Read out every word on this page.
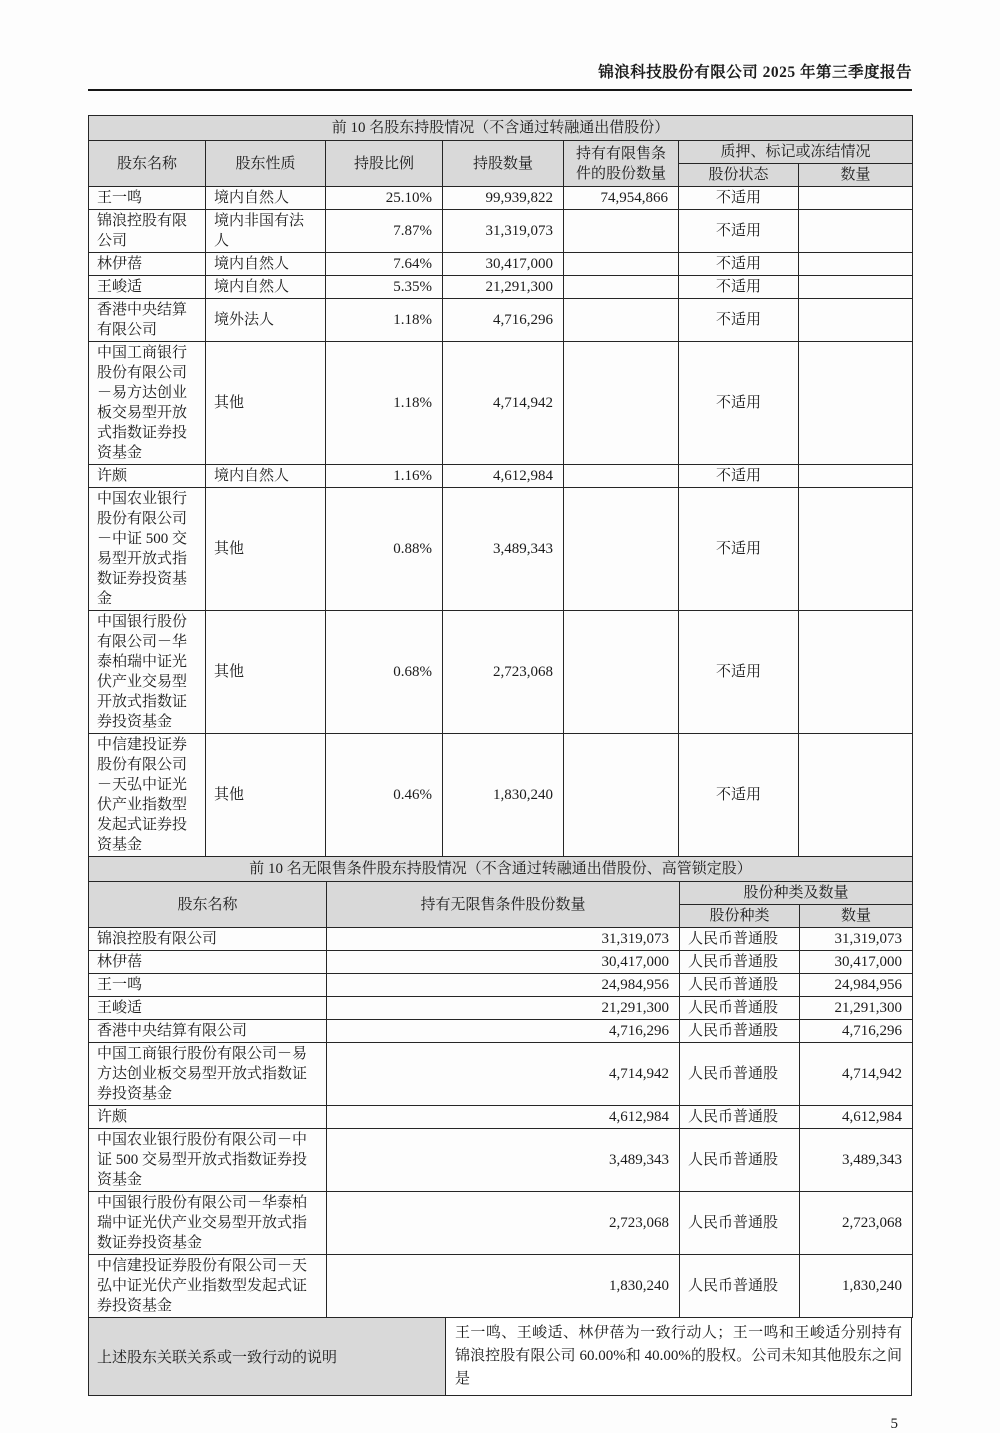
锦浪科技股份有限公司 2025 年第三季度报告
前 10 名股东持股情况（不含通过转融通出借股份）						
股东名称	股东性质	持股比例	持股数量	持有有限售条件的股份数量	质押、标记或冻结情况	
					股份状态	数量
王一鸣	境内自然人	25.10%	99,939,822	74,954,866	不适用	
锦浪控股有限公司	境内非国有法人	7.87%	31,319,073		不适用	
林伊蓓	境内自然人	7.64%	30,417,000		不适用	
王峻适	境内自然人	5.35%	21,291,300		不适用	
香港中央结算有限公司	境外法人	1.18%	4,716,296		不适用	
中国工商银行股份有限公司－易方达创业板交易型开放式指数证券投资基金	其他	1.18%	4,714,942		不适用	
许颇	境内自然人	1.16%	4,612,984		不适用	
中国农业银行股份有限公司－中证 500 交易型开放式指数证券投资基金	其他	0.88%	3,489,343		不适用	
中国银行股份有限公司－华泰柏瑞中证光伏产业交易型开放式指数证券投资基金	其他	0.68%	2,723,068		不适用	
中信建投证券股份有限公司－天弘中证光伏产业指数型发起式证券投资基金	其他	0.46%	1,830,240		不适用	
前 10 名无限售条件股东持股情况（不含通过转融通出借股份、高管锁定股）			
股东名称	持有无限售条件股份数量	股份种类及数量	
		股份种类	数量
锦浪控股有限公司	31,319,073	人民币普通股	31,319,073
林伊蓓	30,417,000	人民币普通股	30,417,000
王一鸣	24,984,956	人民币普通股	24,984,956
王峻适	21,291,300	人民币普通股	21,291,300
香港中央结算有限公司	4,716,296	人民币普通股	4,716,296
中国工商银行股份有限公司－易方达创业板交易型开放式指数证券投资基金	4,714,942	人民币普通股	4,714,942
许颇	4,612,984	人民币普通股	4,612,984
中国农业银行股份有限公司－中证 500 交易型开放式指数证券投资基金	3,489,343	人民币普通股	3,489,343
中国银行股份有限公司－华泰柏瑞中证光伏产业交易型开放式指数证券投资基金	2,723,068	人民币普通股	2,723,068
中信建投证券股份有限公司－天弘中证光伏产业指数型发起式证券投资基金	1,830,240	人民币普通股	1,830,240
上述股东关联关系或一致行动的说明
王一鸣、王峻适、林伊蓓为一致行动人；王一鸣和王峻适分别持有锦浪控股有限公司 60.00%和 40.00%的股权。公司未知其他股东之间是
5
